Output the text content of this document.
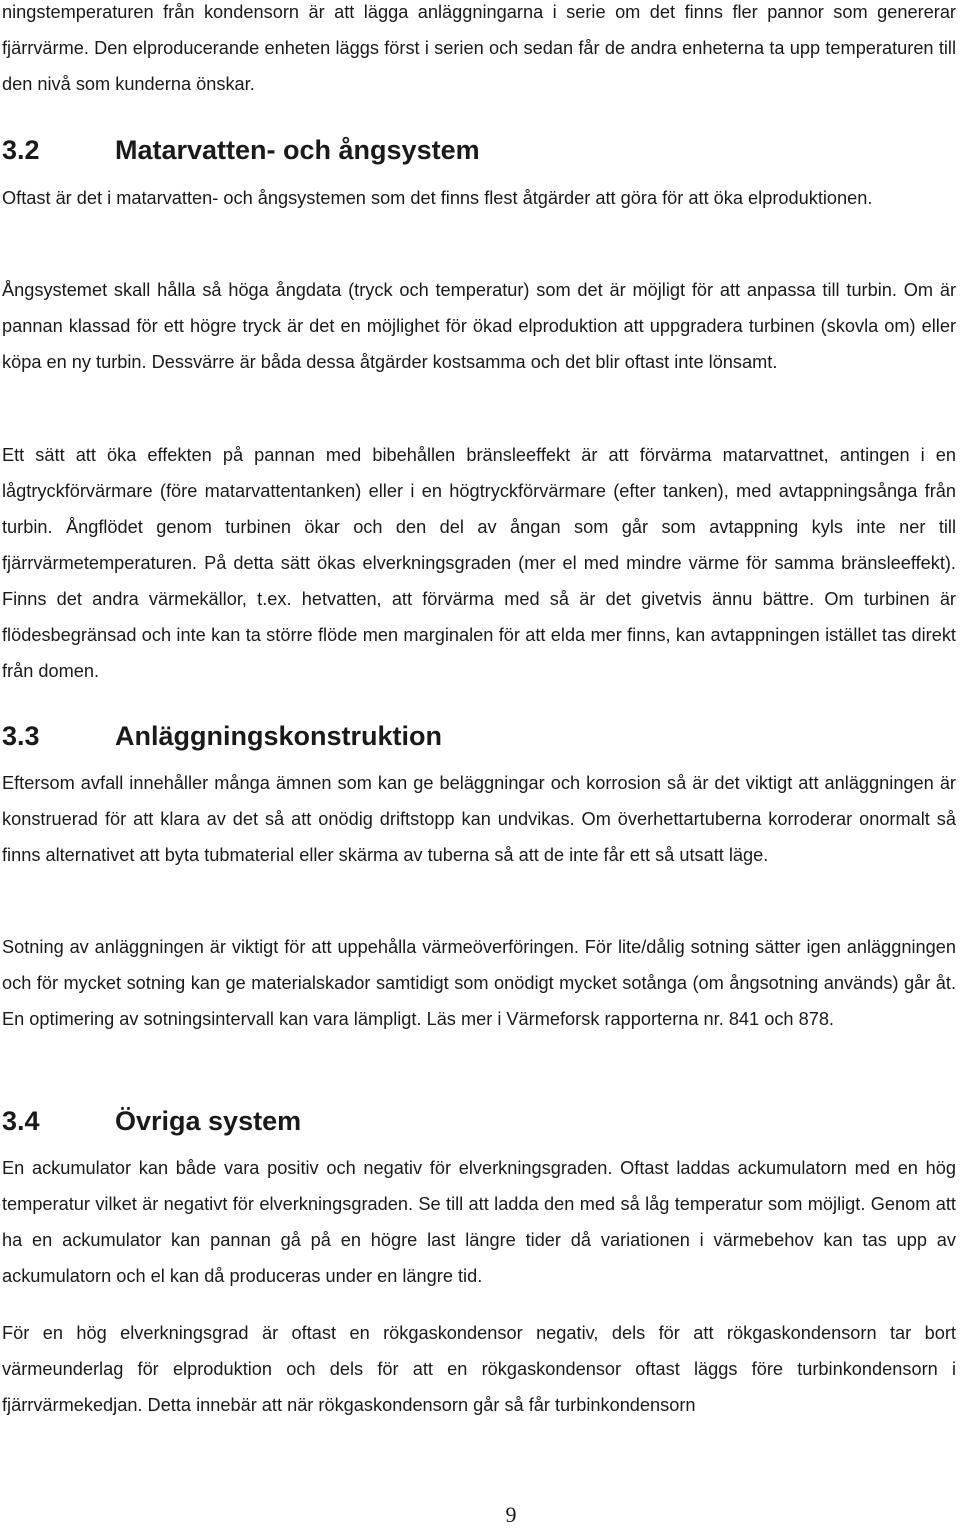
ningstemperaturen från kondensorn är att lägga anläggningarna i serie om det finns fler pannor som genererar fjärrvärme. Den elproducerande enheten läggs först i serien och sedan får de andra enheterna ta upp temperaturen till den nivå som kunderna önskar.

3.2	Matarvatten- och ångsystem

Oftast är det i matarvatten- och ångsystemen som det finns flest åtgärder att göra för att öka elproduktionen.

Ångsystemet skall hålla så höga ångdata (tryck och temperatur) som det är möjligt för att anpassa till turbin. Om är pannan klassad för ett högre tryck är det en möjlighet för ökad elproduktion att uppgradera turbinen (skovla om) eller köpa en ny turbin. Dessvärre är båda dessa åtgärder kostsamma och det blir oftast inte lönsamt.

Ett sätt att öka effekten på pannan med bibehållen bränsleeffekt är att förvärma matarvattnet, antingen i en lågtryckförvärmare (före matarvattentanken) eller i en högtryckförvärmare (efter tanken), med avtappningsånga från turbin. Ångflödet genom turbinen ökar och den del av ångan som går som avtappning kyls inte ner till fjärrvärmetemperaturen. På detta sätt ökas elverkningsgraden (mer el med mindre värme för samma bränsleeffekt). Finns det andra värmekällor, t.ex. hetvatten, att förvärma med så är det givetvis ännu bättre. Om turbinen är flödesbegränsad och inte kan ta större flöde men marginalen för att elda mer finns, kan avtappningen istället tas direkt från domen.

3.3	Anläggningskonstruktion

Eftersom avfall innehåller många ämnen som kan ge beläggningar och korrosion så är det viktigt att anläggningen är konstruerad för att klara av det så att onödig driftstopp kan undvikas. Om överhettartuberna korroderar onormalt så finns alternativet att byta tubmaterial eller skärma av tuberna så att de inte får ett så utsatt läge.

Sotning av anläggningen är viktigt för att uppehålla värmeöverföringen. För lite/dålig sotning sätter igen anläggningen och för mycket sotning kan ge materialskador samtidigt som onödigt mycket sotånga (om ångsotning används) går åt. En optimering av sotningsintervall kan vara lämpligt. Läs mer i Värmeforsk rapporterna nr. 841 och 878.

3.4	Övriga system

En ackumulator kan både vara positiv och negativ för elverkningsgraden. Oftast laddas ackumulatorn med en hög temperatur vilket är negativt för elverkningsgraden. Se till att ladda den med så låg temperatur som möjligt. Genom att ha en ackumulator kan pannan gå på en högre last längre tider då variationen i värmebehov kan tas upp av ackumulatorn och el kan då produceras under en längre tid.

För en hög elverkningsgrad är oftast en rökgaskondensor negativ, dels för att rökgaskondensorn tar bort värmeunderlag för elproduktion och dels för att en rökgaskondensor oftast läggs före turbinkondensorn i fjärrvärmekedjan. Detta innebär att när rökgaskondensorn går så får turbinkondensorn

9
